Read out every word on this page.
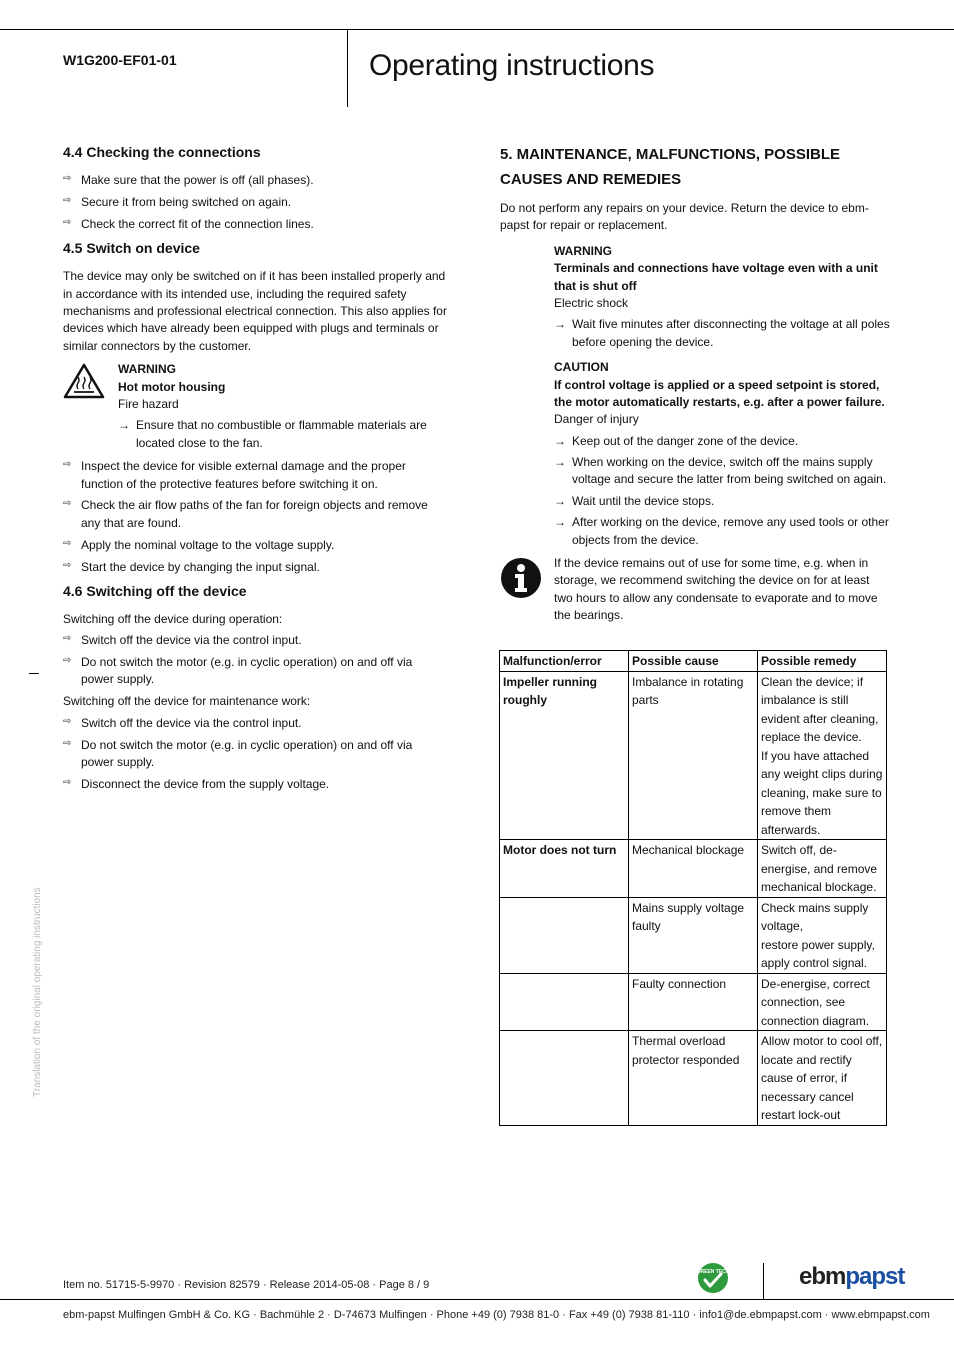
W1G200-EF01-01	Operating instructions
4.4 Checking the connections
⇨ Make sure that the power is off (all phases).
⇨ Secure it from being switched on again.
⇨ Check the correct fit of the connection lines.
4.5 Switch on device

The device may only be switched on if it has been installed properly and in accordance with its intended use, including the required safety mechanisms and professional electrical connection. This also applies for devices which have already been equipped with plugs and terminals or similar connectors by the customer.

WARNING
Hot motor housing
Fire hazard
→ Ensure that no combustible or flammable materials are located close to the fan.
⇨ Inspect the device for visible external damage and the proper function of the protective features before switching it on.
⇨ Check the air flow paths of the fan for foreign objects and remove any that are found.
⇨ Apply the nominal voltage to the voltage supply.
⇨ Start the device by changing the input signal.
4.6 Switching off the device

Switching off the device during operation:

⇨ Switch off the device via the control input.
⇨ Do not switch the motor (e.g. in cyclic operation) on and off via power supply.

Switching off the device for maintenance work:

⇨ Switch off the device via the control input.
⇨ Do not switch the motor (e.g. in cyclic operation) on and off via power supply.
⇨ Disconnect the device from the supply voltage.
5. MAINTENANCE, MALFUNCTIONS, POSSIBLE CAUSES AND REMEDIES

Do not perform any repairs on your device. Return the device to ebm-papst for repair or replacement.

WARNING
Terminals and connections have voltage even with a unit that is shut off
Electric shock
→ Wait five minutes after disconnecting the voltage at all poles before opening the device.
CAUTION
If control voltage is applied or a speed setpoint is stored, the motor automatically restarts, e.g. after a power failure.
Danger of injury
→ Keep out of the danger zone of the device.
→ When working on the device, switch off the mains supply voltage and secure the latter from being switched on again.
→ Wait until the device stops.
→ After working on the device, remove any used tools or other objects from the device.
If the device remains out of use for some time, e.g. when in storage, we recommend switching the device on for at least two hours to allow any condensate to evaporate and to move the bearings.
Malfunction/error	Possible cause	Possible remedy
Impeller running roughly	Imbalance in rotating parts	Clean the device; if imbalance is still evident after cleaning, replace the device.
If you have attached any weight clips during cleaning, make sure to remove them afterwards.
Motor does not turn	Mechanical blockage	Switch off, de-energise, and remove mechanical blockage.
	Mains supply voltage faulty	Check mains supply voltage,
restore power supply,
apply control signal.
	Faulty connection	De-energise, correct connection, see connection diagram.
	Thermal overload protector responded	Allow motor to cool off, locate and rectify cause of error, if necessary cancel restart lock-out
Translation of the original operating instructions
Item no. 51715-5-9970 · Revision 82579 · Release 2014-05-08 · Page 8 / 9
GREEN TECH	ebmpapst
ebm-papst Mulfingen GmbH & Co. KG · Bachmühle 2 · D-74673 Mulfingen · Phone +49 (0) 7938 81-0 · Fax +49 (0) 7938 81-110 · info1@de.ebmpapst.com · www.ebmpapst.com
